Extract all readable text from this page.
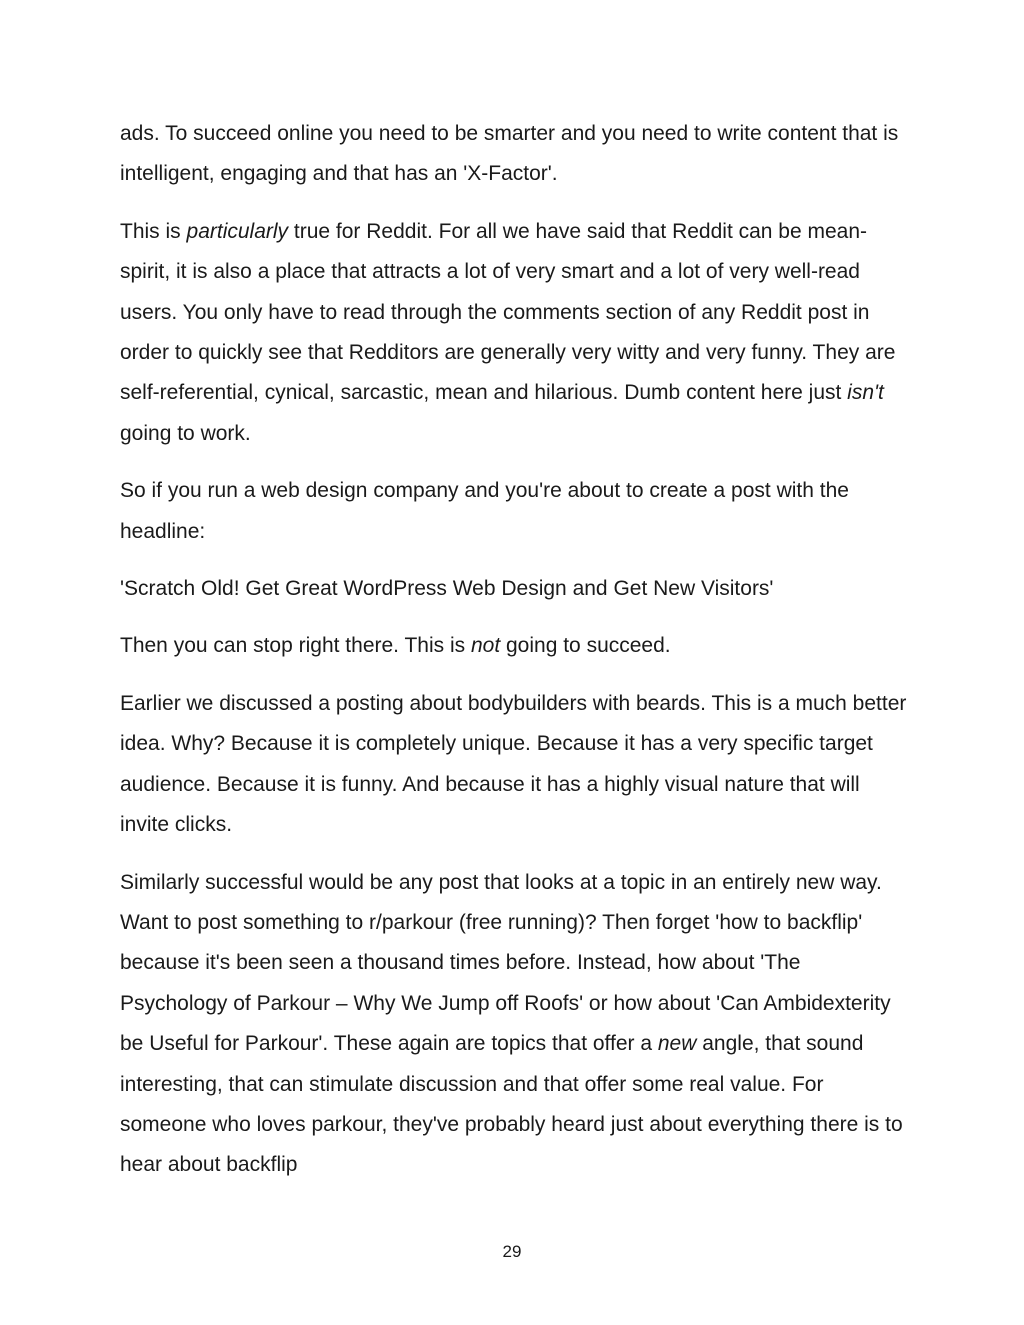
ads. To succeed online you need to be smarter and you need to write content that is intelligent, engaging and that has an 'X-Factor'.

This is particularly true for Reddit. For all we have said that Reddit can be mean-spirit, it is also a place that attracts a lot of very smart and a lot of very well-read users. You only have to read through the comments section of any Reddit post in order to quickly see that Redditors are generally very witty and very funny. They are self-referential, cynical, sarcastic, mean and hilarious. Dumb content here just isn't going to work.

So if you run a web design company and you're about to create a post with the headline:

'Scratch Old! Get Great WordPress Web Design and Get New Visitors'

Then you can stop right there. This is not going to succeed.

Earlier we discussed a posting about bodybuilders with beards. This is a much better idea. Why? Because it is completely unique. Because it has a very specific target audience. Because it is funny. And because it has a highly visual nature that will invite clicks.

Similarly successful would be any post that looks at a topic in an entirely new way. Want to post something to r/parkour (free running)? Then forget 'how to backflip' because it's been seen a thousand times before. Instead, how about 'The Psychology of Parkour – Why We Jump off Roofs' or how about 'Can Ambidexterity be Useful for Parkour'. These again are topics that offer a new angle, that sound interesting, that can stimulate discussion and that offer some real value. For someone who loves parkour, they've probably heard just about everything there is to hear about backflip

29
